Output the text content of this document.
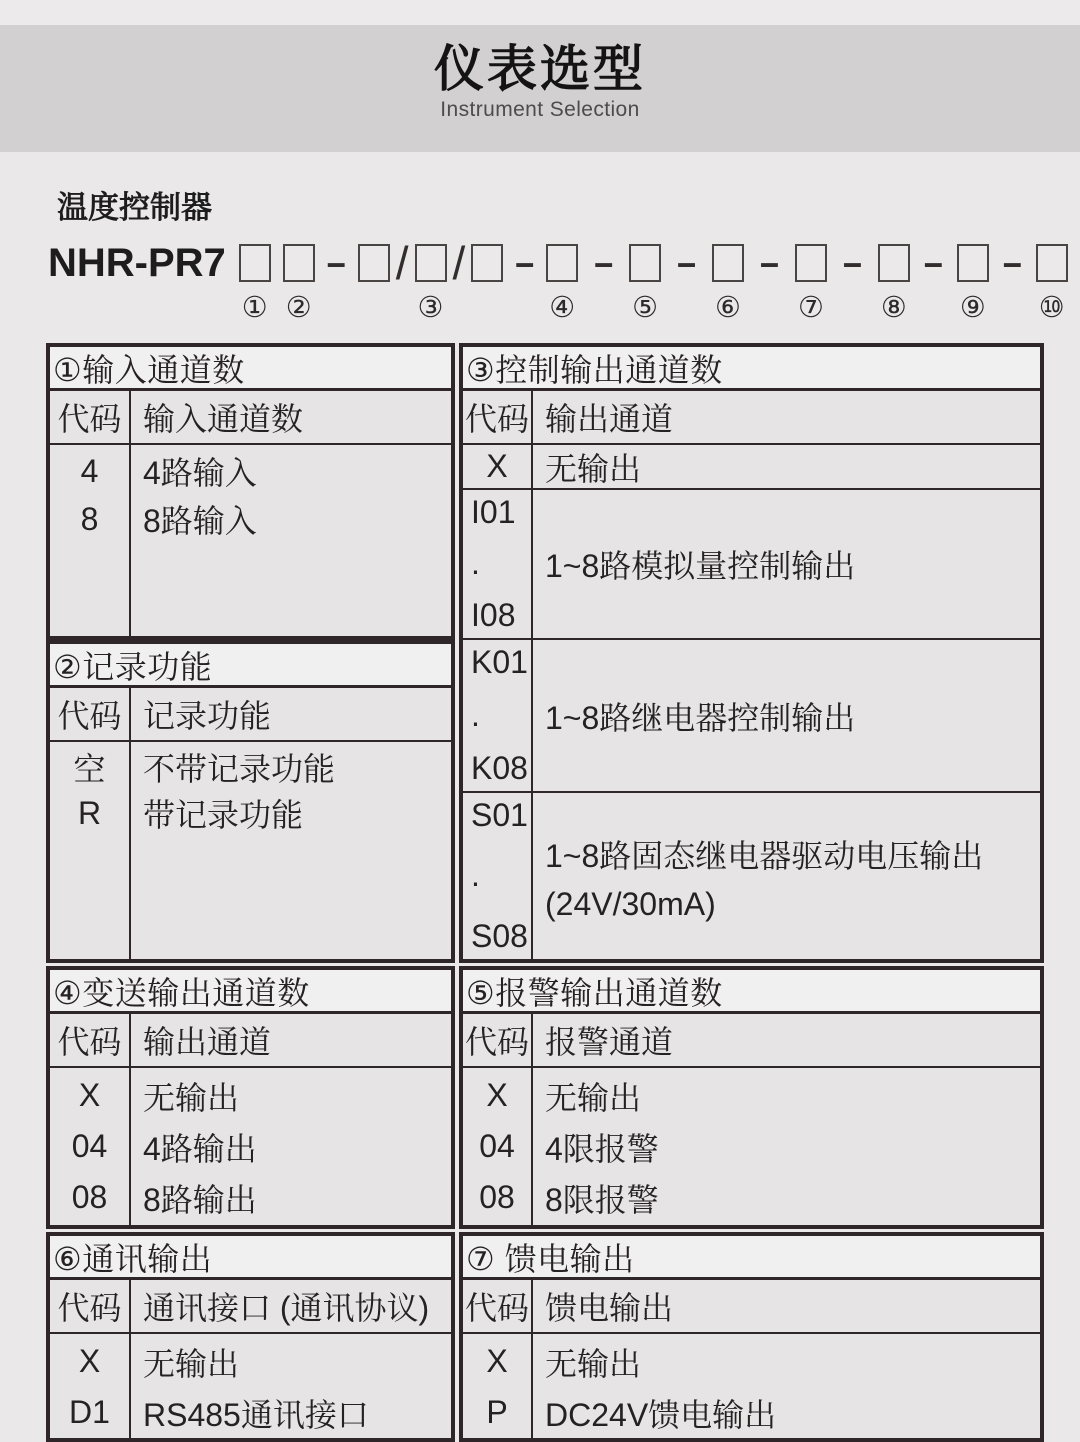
仪表选型
Instrument Selection
温度控制器
NHR-PR7
① ②
– /
③
/ –
④
–
⑤
–
⑥
–
⑦
–
⑧
–
⑨
–
⑩
①输入通道数
代码 输入通道数
4
8
4路输入
8路输入
②记录功能
代码 记录功能
空
R
不带记录功能
带记录功能
④变送输出通道数
代码 输出通道
X
04
08
无输出
4路输出
8路输出
⑥通讯输出
代码 通讯接口 (通讯协议)
X
D1
无输出
RS485通讯接口
③控制输出通道数
代码 输出通道
X	无输出
I01
.
I08
1~8路模拟量控制输出
K01
.
K08
1~8路继电器控制输出
S01
.
S08
1~8路固态继电器驱动电压输出
(24V/30mA)
⑤报警输出通道数
代码 报警通道
X
04
08
无输出
4限报警
8限报警
⑦ 馈电输出
代码 馈电输出
X
P
无输出
DC24V馈电输出
